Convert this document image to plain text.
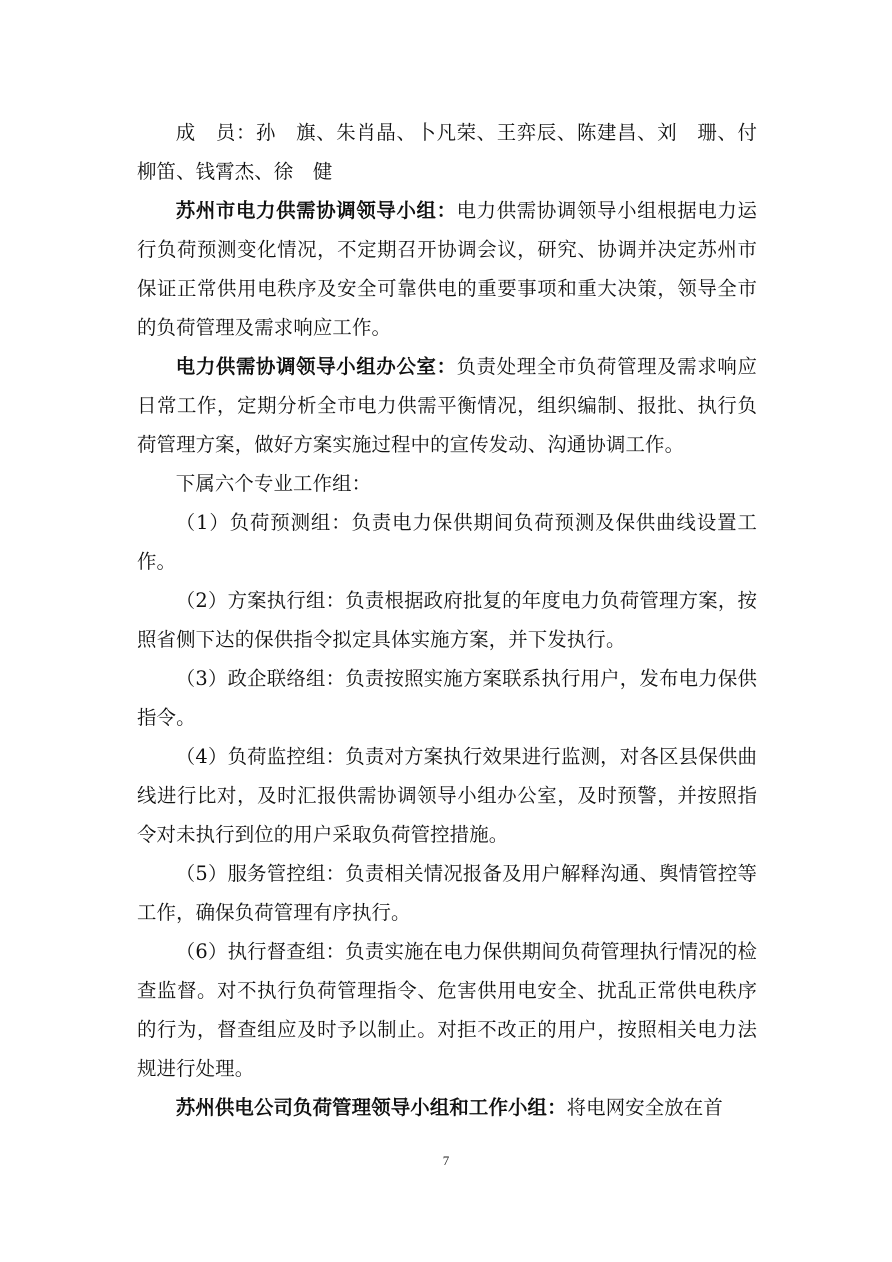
成　员：孙　旗、朱肖晶、卜凡荣、王弈辰、陈建昌、刘　珊、付柳笛、钱霄杰、徐　健

苏州市电力供需协调领导小组：电力供需协调领导小组根据电力运行负荷预测变化情况，不定期召开协调会议，研究、协调并决定苏州市保证正常供用电秩序及安全可靠供电的重要事项和重大决策，领导全市的负荷管理及需求响应工作。

电力供需协调领导小组办公室：负责处理全市负荷管理及需求响应日常工作，定期分析全市电力供需平衡情况，组织编制、报批、执行负荷管理方案，做好方案实施过程中的宣传发动、沟通协调工作。

下属六个专业工作组：

（1）负荷预测组：负责电力保供期间负荷预测及保供曲线设置工作。

（2）方案执行组：负责根据政府批复的年度电力负荷管理方案，按照省侧下达的保供指令拟定具体实施方案，并下发执行。

（3）政企联络组：负责按照实施方案联系执行用户，发布电力保供指令。

（4）负荷监控组：负责对方案执行效果进行监测，对各区县保供曲线进行比对，及时汇报供需协调领导小组办公室，及时预警，并按照指令对未执行到位的用户采取负荷管控措施。

（5）服务管控组：负责相关情况报备及用户解释沟通、舆情管控等工作，确保负荷管理有序执行。

（6）执行督查组：负责实施在电力保供期间负荷管理执行情况的检查监督。对不执行负荷管理指令、危害供用电安全、扰乱正常供电秩序的行为，督查组应及时予以制止。对拒不改正的用户，按照相关电力法规进行处理。

苏州供电公司负荷管理领导小组和工作小组：将电网安全放在首

7
